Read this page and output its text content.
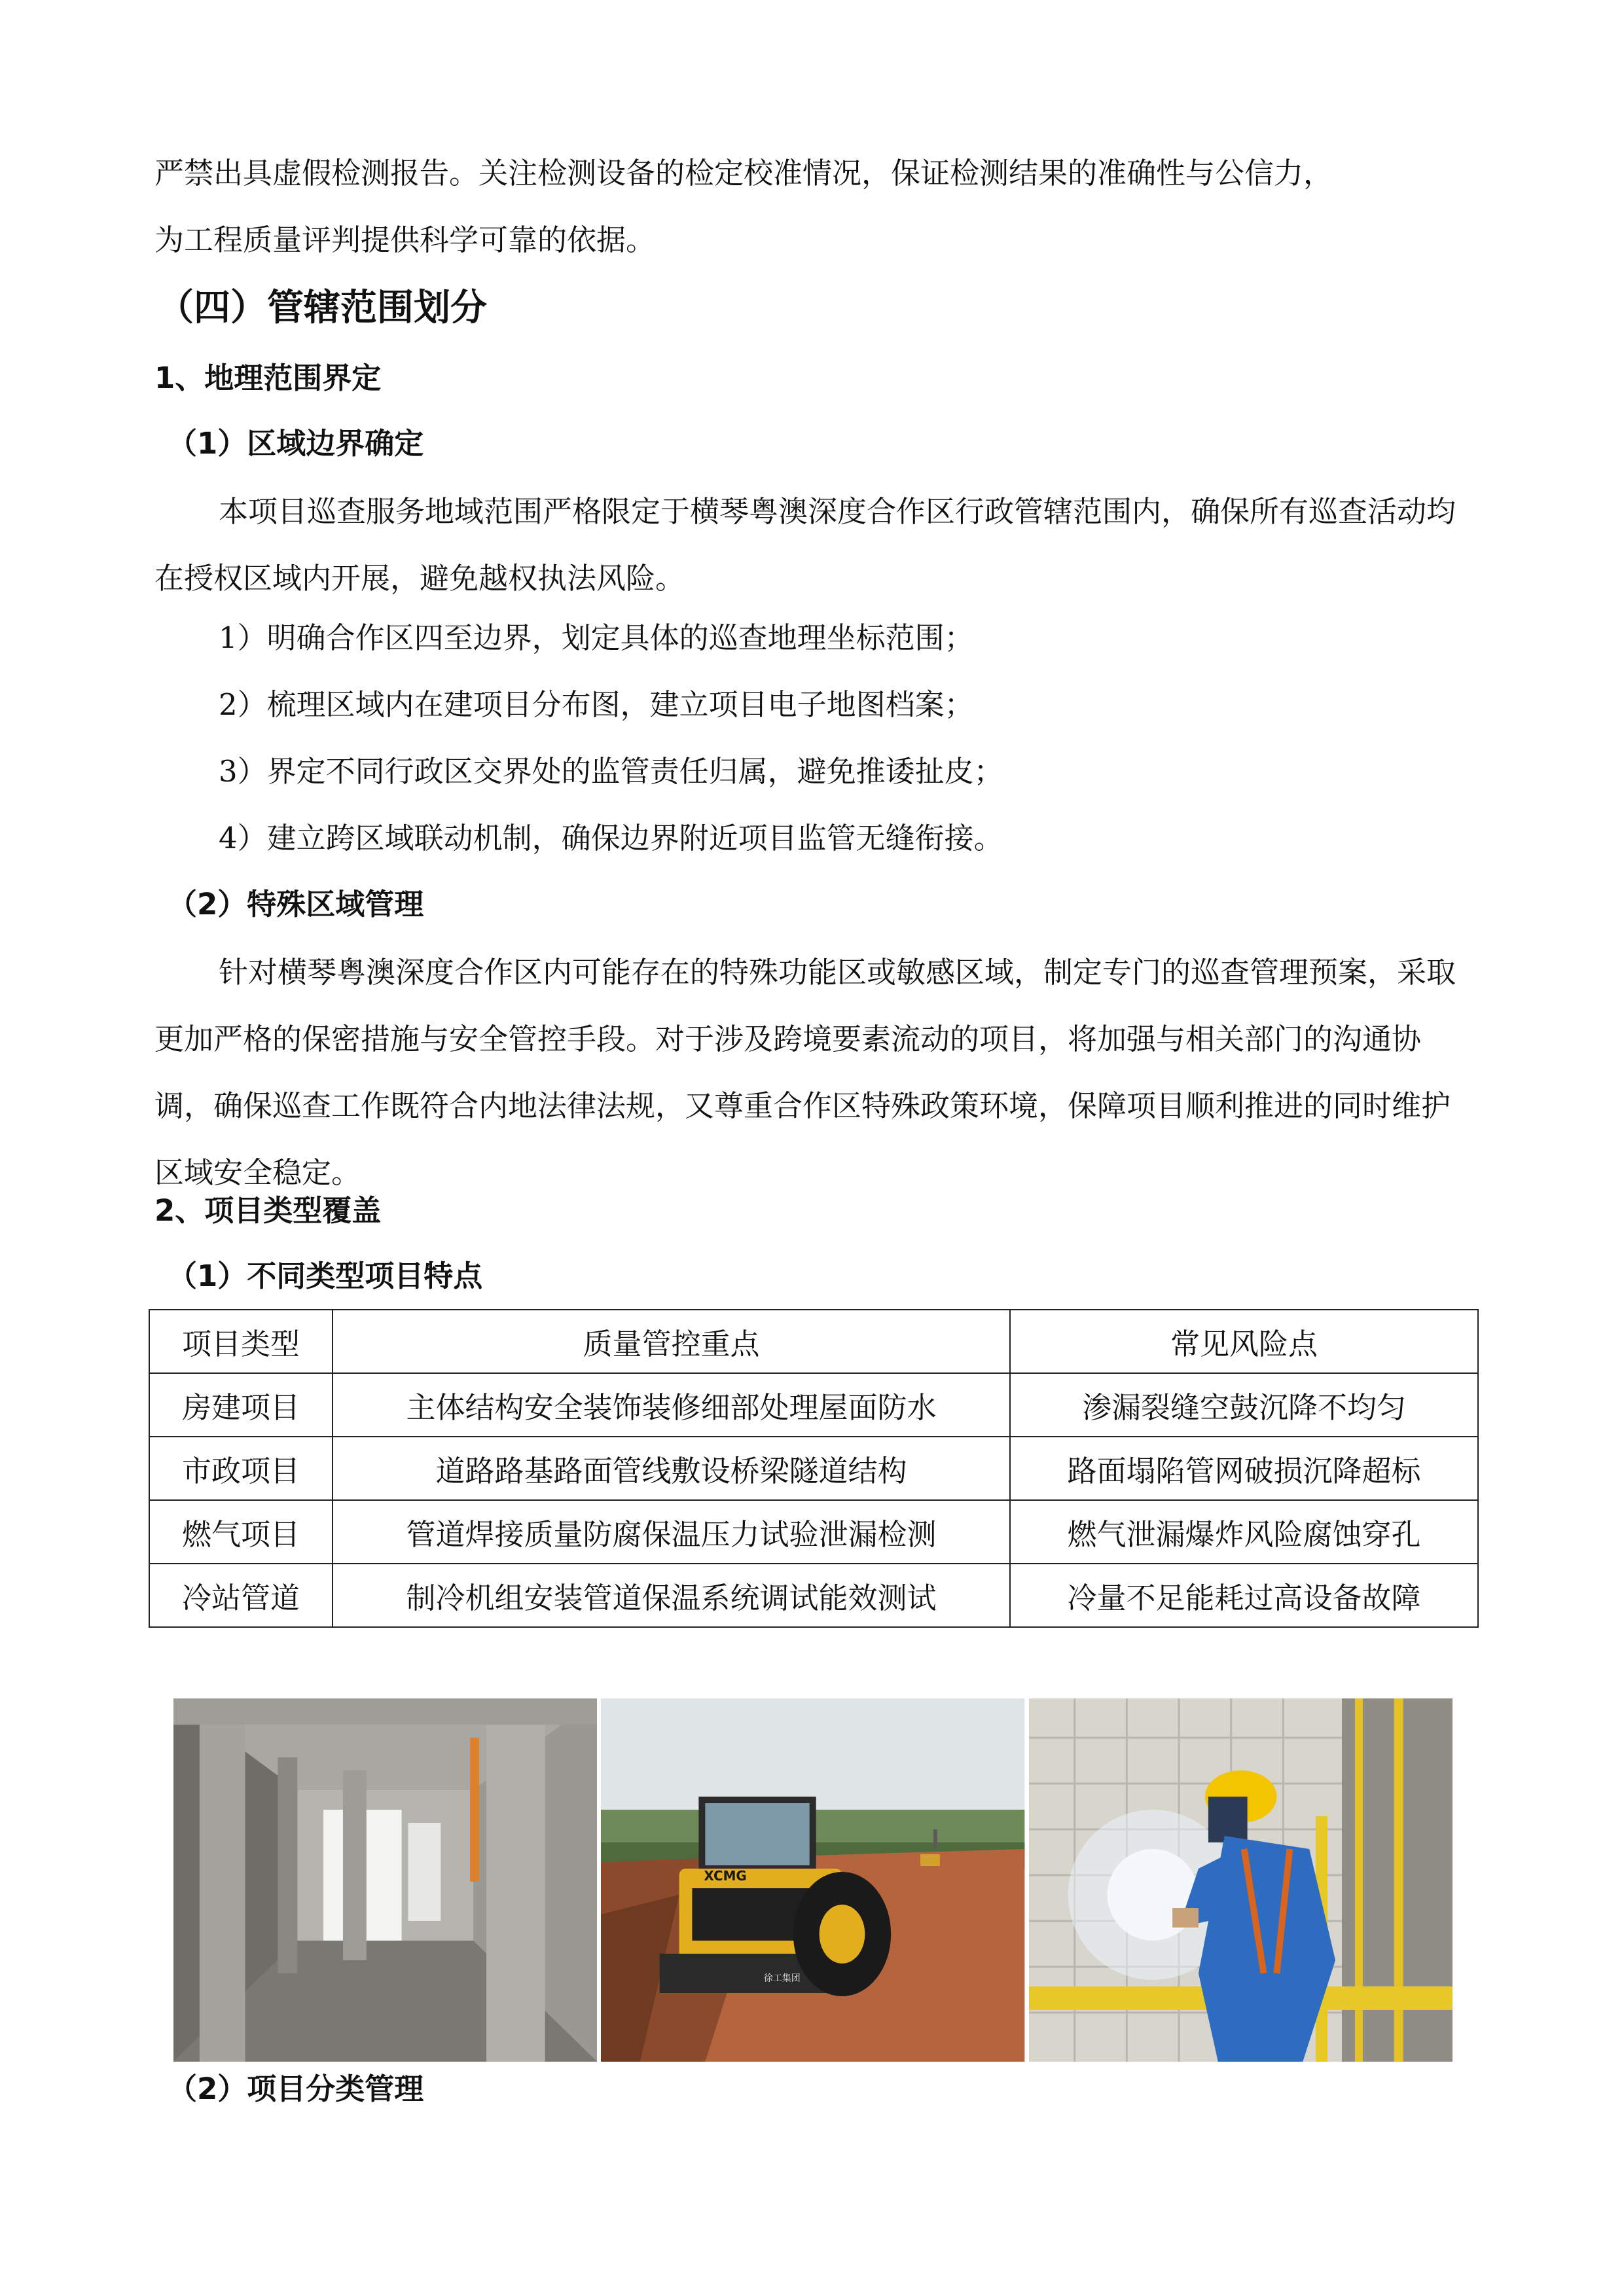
严禁出具虚假检测报告。关注检测设备的检定校准情况，保证检测结果的准确性与公信力，
为工程质量评判提供科学可靠的依据。
（四）管辖范围划分
1、地理范围界定
（1）区域边界确定
本项目巡查服务地域范围严格限定于横琴粤澳深度合作区行政管辖范围内，确保所有巡查活动均在授权区域内开展，避免越权执法风险。
1）明确合作区四至边界，划定具体的巡查地理坐标范围；
2）梳理区域内在建项目分布图，建立项目电子地图档案；
3）界定不同行政区交界处的监管责任归属，避免推诿扯皮；
4）建立跨区域联动机制，确保边界附近项目监管无缝衔接。
（2）特殊区域管理
针对横琴粤澳深度合作区内可能存在的特殊功能区或敏感区域，制定专门的巡查管理预案，采取更加严格的保密措施与安全管控手段。对于涉及跨境要素流动的项目，将加强与相关部门的沟通协调，确保巡查工作既符合内地法律法规，又尊重合作区特殊政策环境，保障项目顺利推进的同时维护区域安全稳定。
2、项目类型覆盖
（1）不同类型项目特点
项目类型	质量管控重点	常见风险点
房建项目	主体结构安全装饰装修细部处理屋面防水	渗漏裂缝空鼓沉降不均匀
市政项目	道路路基路面管线敷设桥梁隧道结构	路面塌陷管网破损沉降超标
燃气项目	管道焊接质量防腐保温压力试验泄漏检测	燃气泄漏爆炸风险腐蚀穿孔
冷站管道	制冷机组安装管道保温系统调试能效测试	冷量不足能耗过高设备故障
XCMG
徐工集团
（2）项目分类管理
